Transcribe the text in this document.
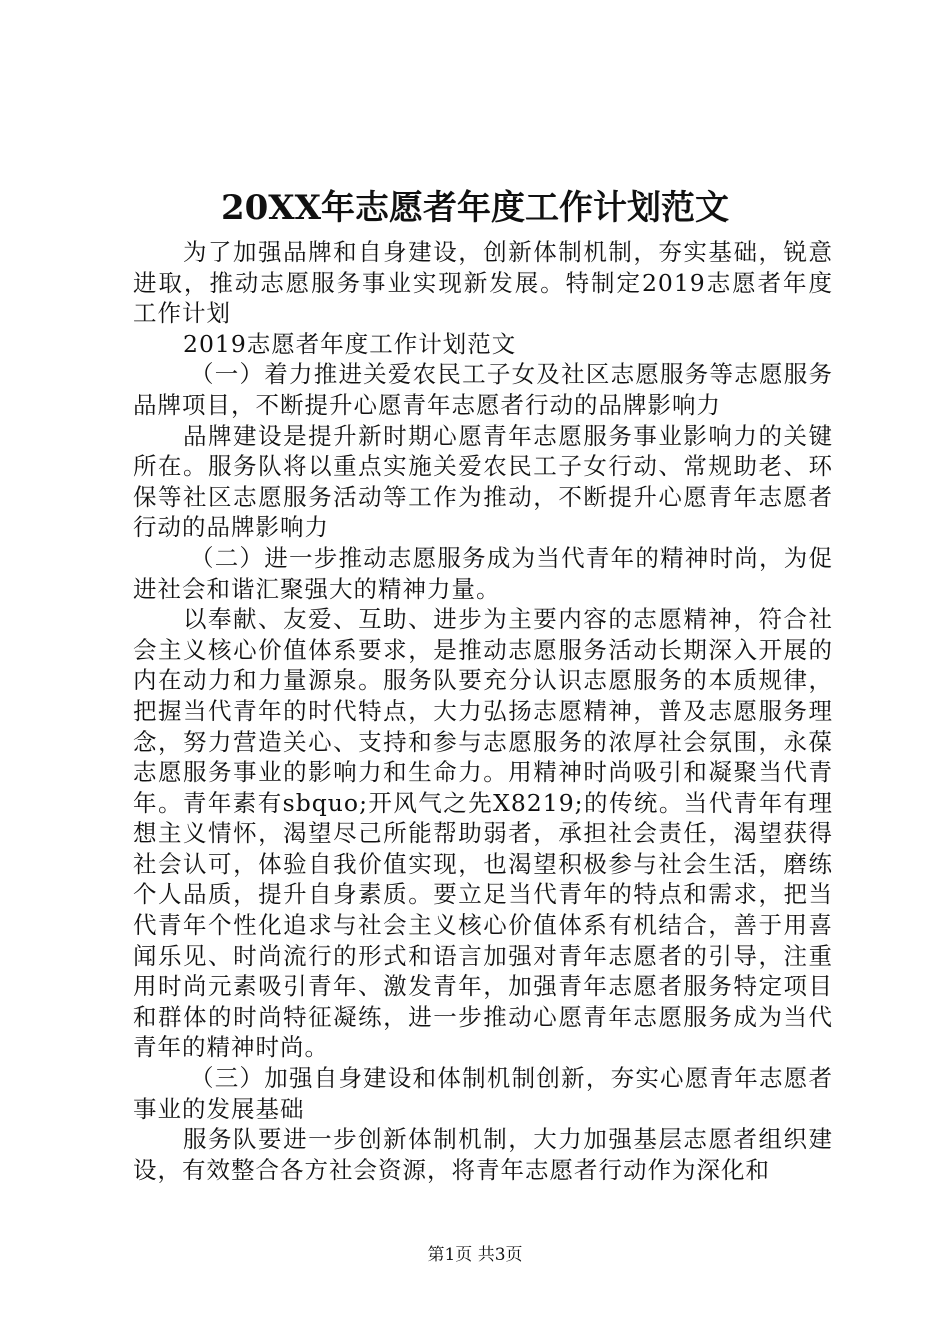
20XX年志愿者年度工作计划范文

为了加强品牌和自身建设，创新体制机制，夯实基础，锐意进取，推动志愿服务事业实现新发展。特制定2019志愿者年度工作计划

2019志愿者年度工作计划范文

（一）着力推进关爱农民工子女及社区志愿服务等志愿服务品牌项目，不断提升心愿青年志愿者行动的品牌影响力

品牌建设是提升新时期心愿青年志愿服务事业影响力的关键所在。服务队将以重点实施关爱农民工子女行动、常规助老、环保等社区志愿服务活动等工作为推动，不断提升心愿青年志愿者行动的品牌影响力

（二）进一步推动志愿服务成为当代青年的精神时尚，为促进社会和谐汇聚强大的精神力量。

以奉献、友爱、互助、进步为主要内容的志愿精神，符合社会主义核心价值体系要求，是推动志愿服务活动长期深入开展的内在动力和力量源泉。服务队要充分认识志愿服务的本质规律，把握当代青年的时代特点，大力弘扬志愿精神，普及志愿服务理念，努力营造关心、支持和参与志愿服务的浓厚社会氛围，永葆志愿服务事业的影响力和生命力。用精神时尚吸引和凝聚当代青年。青年素有sbquo;开风气之先X8219;的传统。当代青年有理想主义情怀，渴望尽己所能帮助弱者，承担社会责任，渴望获得社会认可，体验自我价值实现，也渴望积极参与社会生活，磨练个人品质，提升自身素质。要立足当代青年的特点和需求，把当代青年个性化追求与社会主义核心价值体系有机结合，善于用喜闻乐见、时尚流行的形式和语言加强对青年志愿者的引导，注重用时尚元素吸引青年、激发青年，加强青年志愿者服务特定项目和群体的时尚特征凝练，进一步推动心愿青年志愿服务成为当代青年的精神时尚。

（三）加强自身建设和体制机制创新，夯实心愿青年志愿者事业的发展基础

服务队要进一步创新体制机制，大力加强基层志愿者组织建设，有效整合各方社会资源，将青年志愿者行动作为深化和

第1页 共3页
